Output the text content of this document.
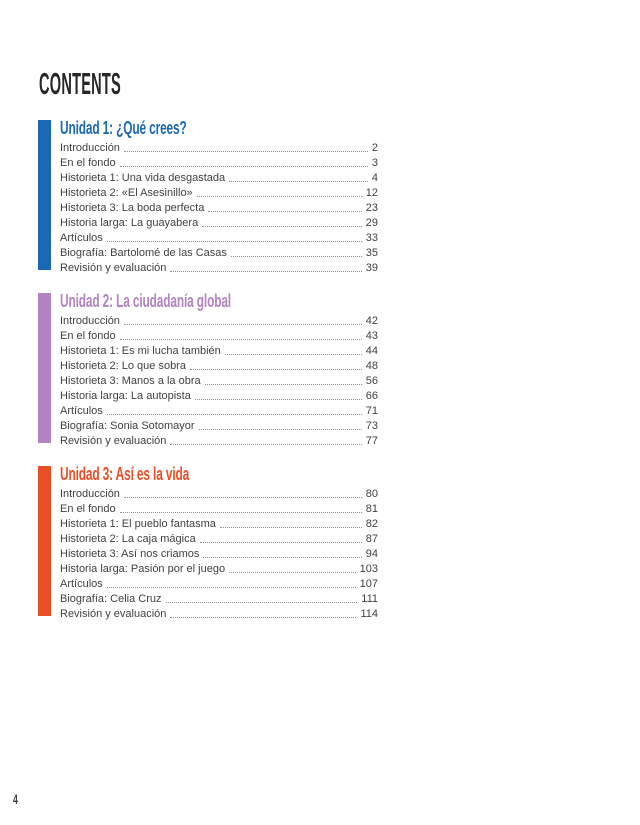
CONTENTS
Unidad 1: ¿Qué crees?
Introducción	2
En el fondo	3
Historieta 1: Una vida desgastada	4
Historieta 2: «El Asesinillo»	12
Historieta 3: La boda perfecta	23
Historia larga: La guayabera	29
Artículos	33
Biografía: Bartolomé de las Casas	35
Revisión y evaluación	39
Unidad 2: La ciudadanía global
Introducción	42
En el fondo	43
Historieta 1: Es mi lucha también	44
Historieta 2: Lo que sobra	48
Historieta 3: Manos a la obra	56
Historia larga: La autopista	66
Artículos	71
Biografía: Sonia Sotomayor	73
Revisión y evaluación	77
Unidad 3: Así es la vida
Introducción	80
En el fondo	81
Historieta 1: El pueblo fantasma	82
Historieta 2: La caja mágica	87
Historieta 3: Así nos criamos	94
Historia larga: Pasión por el juego	103
Artículos	107
Biografía: Celia Cruz	111
Revisión y evaluación	114
4
